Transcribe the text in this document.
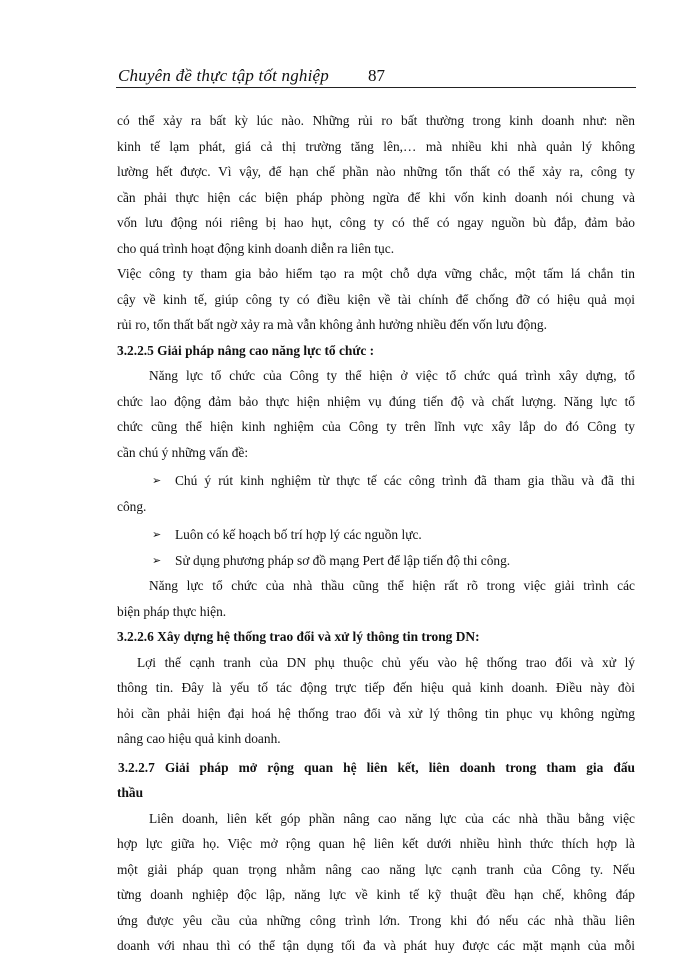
Chuyên đề thực tập tốt nghiệp 87
có thể xảy ra bất kỳ lúc nào. Những rủi ro bất thường trong kinh doanh như: nền
kinh tế lạm phát, giá cả thị trường tăng lên,… mà nhiều khi nhà quản lý không
lường hết được. Vì vậy, để hạn chế phần nào những tổn thất có thể xảy ra, công ty
cần phải thực hiện các biện pháp phòng ngừa để khi vốn kinh doanh nói chung và
vốn lưu động nói riêng bị hao hụt, công ty có thể có ngay nguồn bù đắp, đảm bảo
cho quá trình hoạt động kinh doanh diễn ra liên tục.
Việc công ty tham gia bảo hiểm tạo ra một chỗ dựa vững chắc, một tấm lá chắn tin
cậy về kinh tế, giúp công ty có điều kiện về tài chính để chống đỡ có hiệu quả mọi
rủi ro, tổn thất bất ngờ xảy ra mà vẫn không ảnh hưởng nhiều đến vốn lưu động.
3.2.2.5 Giải pháp nâng cao năng lực tổ chức :
Năng lực tổ chức của Công ty thể hiện ở việc tổ chức quá trình xây dựng, tổ
chức lao động đảm bảo thực hiện nhiệm vụ đúng tiến độ và chất lượng. Năng lực tổ
chức cũng thể hiện kinh nghiệm của Công ty trên lĩnh vực xây lắp do đó Công ty
cần chú ý những vấn đề:
➢ Chú ý rút kinh nghiệm từ thực tế các công trình đã tham gia thầu và đã thi
công.
➢ Luôn có kế hoạch bố trí hợp lý các nguồn lực.
➢ Sử dụng phương pháp sơ đồ mạng Pert để lập tiến độ thi công.
Năng lực tổ chức của nhà thầu cũng thể hiện rất rõ trong việc giải trình các
biện pháp thực hiện.
3.2.2.6 Xây dựng hệ thống trao đổi và xử lý thông tin trong DN:
Lợi thế cạnh tranh của DN phụ thuộc chủ yếu vào hệ thống trao đổi và xử lý
thông tin. Đây là yếu tố tác động trực tiếp đến hiệu quả kinh doanh. Điều này đòi
hỏi cần phải hiện đại hoá hệ thống trao đổi và xử lý thông tin phục vụ không ngừng
nâng cao hiệu quả kinh doanh.
3.2.2.7 Giải pháp mở rộng quan hệ liên kết, liên doanh trong tham gia đấu
thầu
Liên doanh, liên kết góp phần nâng cao năng lực của các nhà thầu bằng việc
hợp lực giữa họ. Việc mở rộng quan hệ liên kết dưới nhiều hình thức thích hợp là
một giải pháp quan trọng nhằm nâng cao năng lực cạnh tranh của Công ty. Nếu
từng doanh nghiệp độc lập, năng lực về kinh tế kỹ thuật đều hạn chế, không đáp
ứng được yêu cầu của những công trình lớn. Trong khi đó nếu các nhà thầu liên
doanh với nhau thì có thể tận dụng tối đa và phát huy được các mặt mạnh của mỗi
